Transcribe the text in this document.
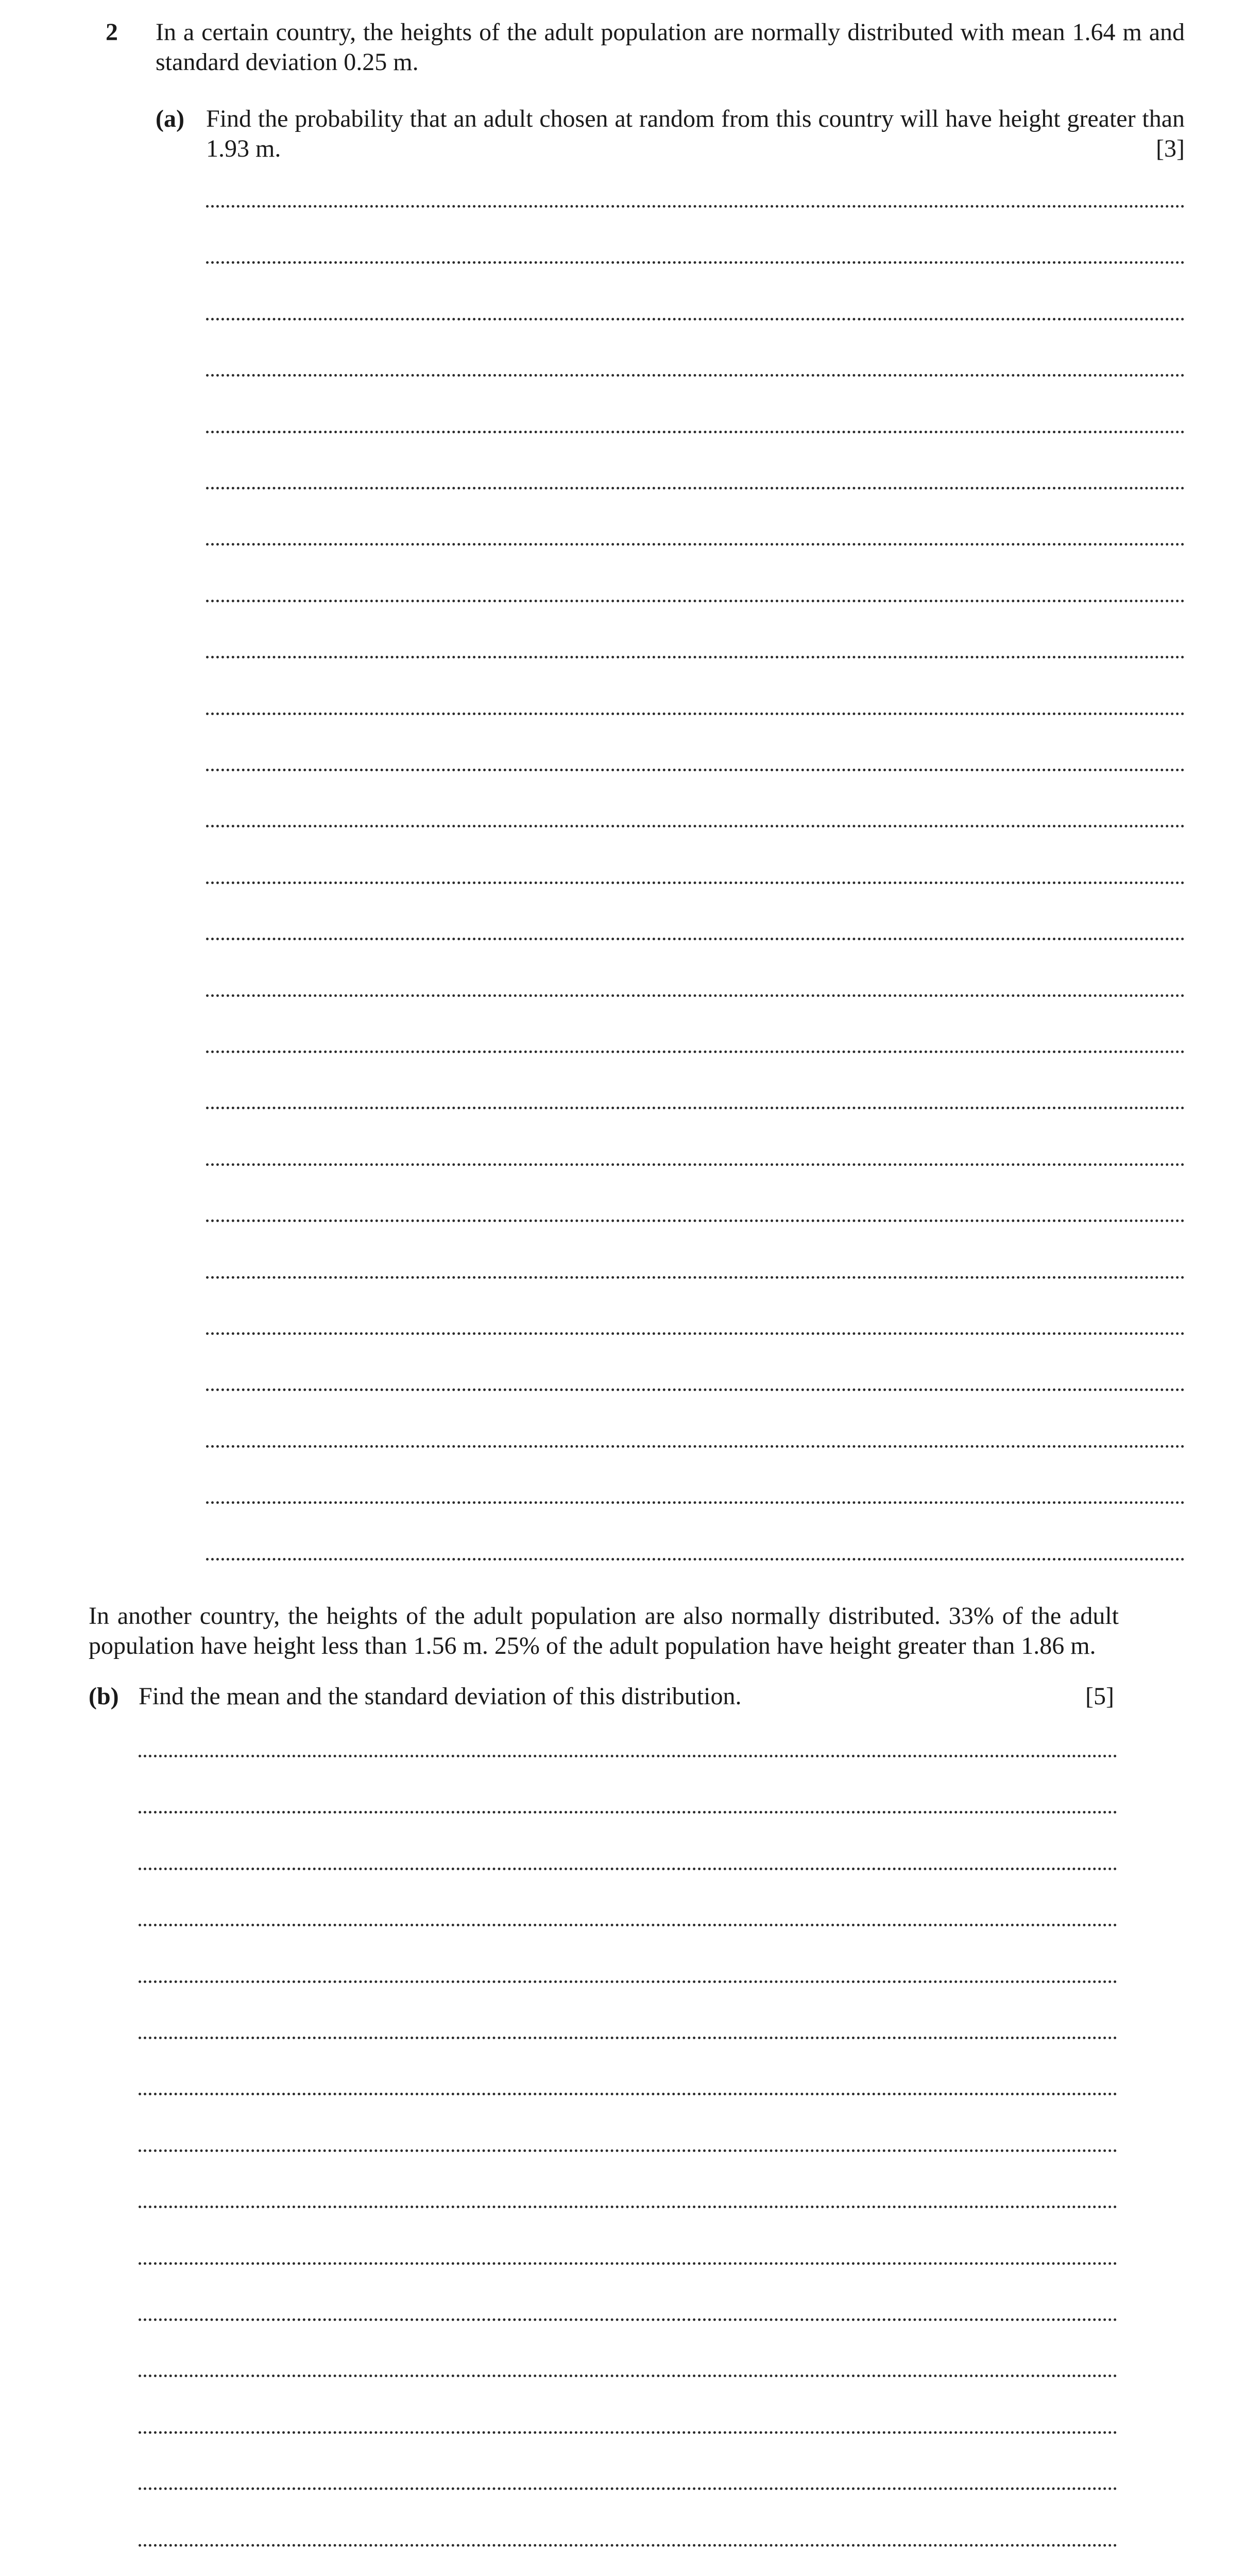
2 In a certain country, the heights of the adult population are normally distributed with mean 1.64 m and standard deviation 0.25 m.
(a) Find the probability that an adult chosen at random from this country will have height greater than 1.93 m.	[3]
In another country, the heights of the adult population are also normally distributed. 33% of the adult population have height less than 1.56 m. 25% of the adult population have height greater than 1.86 m.
(b) Find the mean and the standard deviation of this distribution.	[5]
